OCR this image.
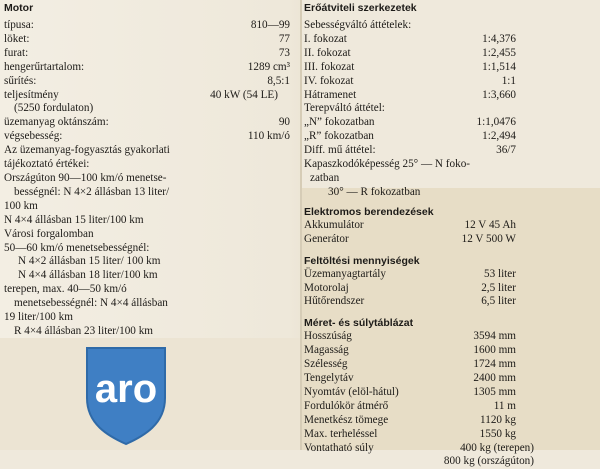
Motor
típusa:	810—99
löket:	77
furat:	73
hengerűrtartalom:	1289 cm³
sűrítés:	8,5:1
teljesítmény	40 kW (54 LE)
(5250 fordulaton)
üzemanyag oktánszám:	90
végsebesség:	110 km/ó
Az üzemanyag-fogyasztás gyakorlati
tájékoztató értékei:
Országúton 90—100 km/ó menetse-
bességnél: N 4×2 állásban 13 liter/
100 km
N 4×4 állásban 15 liter/100 km
Városi forgalomban
50—60 km/ó menetsebességnél:
N 4×2 állásban 15 liter/ 100 km
N 4×4 állásban 18 liter/100 km
terepen, max. 40—50 km/ó
menetsebességnél: N 4×4 állásban
19 liter/100 km
R 4×4 állásban 23 liter/100 km
aro
Erőátviteli szerkezetek
Sebességváltó áttételek:
I. fokozat	1:4,376
II. fokozat	1:2,455
III. fokozat	1:1,514
IV. fokozat	1:1
Hátramenet	1:3,660
Terepváltó áttétel:
„N” fokozatban	1:1,0476
„R” fokozatban	1:2,494
Diff. mű áttétel:	36/7
Kapaszkodóképesség 25° — N foko-
zatban
30° — R fokozatban
Elektromos berendezések
Akkumulátor	12 V 45 Ah
Generátor	12 V 500 W
Feltöltési mennyiségek
Üzemanyagtartály	53 liter
Motorolaj	2,5 liter
Hűtőrendszer	6,5 liter
Méret- és súlytáblázat
Hosszúság	3594 mm
Magasság	1600 mm
Szélesség	1724 mm
Tengelytáv	2400 mm
Nyomtáv (elöl-hátul)	1305 mm
Fordulókör átmérő	11 m
Menetkész tömege	1120 kg
Max. terheléssel	1550 kg
Vontatható súly	400 kg (terepen)
800 kg (országúton)
